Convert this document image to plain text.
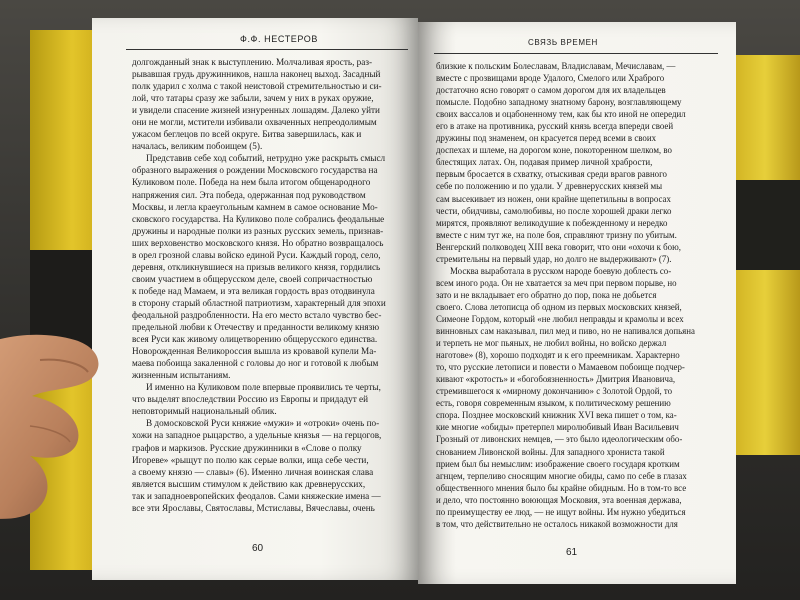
Ф.Ф. НЕСТЕРОВ
долгожданный знак к выступлению. Молчаливая ярость, раз-
рывавшая грудь дружинников, нашла наконец выход. Засадный
полк ударил с холма с такой неистовой стремительностью и си-
лой, что татары сразу же забыли, зачем у них в руках оружие,
и увидели спасение жизней изнуренных лошадям. Далеко уйти
они не могли, мстители избивали охваченных непреодолимым
ужасом беглецов по всей округе. Битва завершилась, как и
началась, великим побоищем (5).
Представив себе ход событий, нетрудно уже раскрыть смысл
образного выражения о рождении Московского государства на
Куликовом поле. Победа на нем была итогом общенародного
напряжения сил. Эта победа, одержанная под руководством
Москвы, и легла краеугольным камнем в самое основание Мо-
сковского государства. На Куликово поле собрались феодальные
дружины и народные полки из разных русских земель, признав-
ших верховенство московского князя. Но обратно возвращалось
в орел грозной славы войско единой Руси. Каждый город, село,
деревня, откликнувшиеся на призыв великого князя, гордились
своим участием в общерусском деле, своей сопричастностью
к победе над Мамаем, и эта великая гордость враз отодвинула
в сторону старый областной патриотизм, характерный для эпохи
феодальной раздробленности. На его место встало чувство бес-
предельной любви к Отечеству и преданности великому князю
всея Руси как живому олицетворению общерусского единства.
Новорожденная Великороссия вышла из кровавой купели Ма-
маева побоища закаленной с головы до ног и готовой к любым
жизненным испытаниям.
И именно на Куликовом поле впервые проявились те черты,
что выделят впоследствии Россию из Европы и придадут ей
неповторимый национальный облик.
В домосковской Руси княжие «мужи» и «отроки» очень по-
хожи на западное рыцарство, а удельные князья — на герцогов,
графов и маркизов. Русские дружинники в «Слове о полку
Игореве» «рыщут по полю как серые волки, ища себе чести,
а своему князю — славы» (6). Именно личная воинская слава
является высшим стимулом к действию как древнерусских,
так и западноевропейских феодалов. Сами княжеские имена —
все эти Ярославы, Святославы, Мстиславы, Вячеславы, очень
60
СВЯЗЬ ВРЕМЕН
близкие к польским Болеславам, Владиславам, Мечиславам, —
вместе с прозвищами вроде Удалого, Смелого или Храброго
достаточно ясно говорят о самом дорогом для их владельцев
помысле. Подобно западному знатному барону, возглавляющему
своих вассалов и оцабоненному тем, как бы кто иной не опередил
его в атаке на противника, русский князь всегда впереди своей
дружины под знаменем, он красуется перед всеми в своих
доспехах и шлеме, на дорогом коне, покоторенном шелком, во
блестящих латах. Он, подавая пример личной храбрости,
первым бросается в схватку, отыскивая среди врагов равного
себе по положению и по удали. У древнерусских князей мы
сам высекивает из ножен, они крайне щепетильны в вопросах
чести, обидчивы, самолюбивы, но после хорошей драки легко
мирятся, проявляют великодушие к побежденному и нередко
вместе с ним тут же, на поле боя, справляют тризну по убитым.
Венгерский полководец XIII века говорит, что они «охочи к бою,
стремительны на первый удар, но долго не выдерживают» (7).
Москва выработала в русском народе боевую доблесть со-
всем иного рода. Он не хватается за меч при первом порыве, но
зато и не вкладывает его обратно до пор, пока не добьется
своего. Слова летописца об одном из первых московских князей,
Симеоне Гордом, который «не любил неправды и крамолы и всех
винновных сам наказывал, пил мед и пиво, но не напивался допьяна
и терпеть не мог пьяных, не любил войны, но войско держал
наготове» (8), хорошо подходят и к его преемникам. Характерно
то, что русские летописи и повести о Мамаевом побоище подчер-
кивают «кротость» и «богобоязненность» Дмитрия Ивановича,
стремившегося к «мирному докончанию» с Золотой Ордой, то
есть, говоря современным языком, к политическому решению
спора. Позднее московский книжник XVI века пишет о том, ка-
кие многие «обиды» претерпел миролюбивый Иван Васильевич
Грозный от ливонских немцев, — это было идеологическим обо-
снованием Ливонской войны. Для западного хрониста такой
прием был бы немыслим: изображение своего государя кротким
агнцем, терпеливо сносящим многие обиды, само по себе в глазах
общественного мнения было бы крайне обидным. Но в том-то все
и дело, что постоянно воюющая Московия, эта военная держава,
по преимуществу ее люд, — не ищут войны. Им нужно убедиться
в том, что действительно не осталось никакой возможности для
61
